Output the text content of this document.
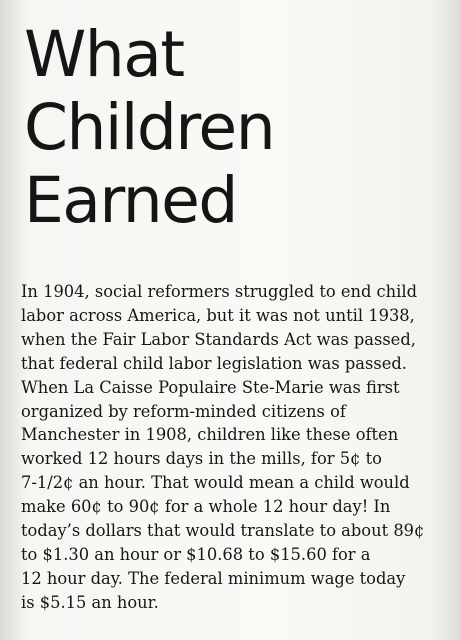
What
Children
Earned

In 1904, social reformers struggled to end child
labor across America, but it was not until 1938,
when the Fair Labor Standards Act was passed,
that federal child labor legislation was passed.
When La Caisse Populaire Ste-Marie was first
organized by reform-minded citizens of
Manchester in 1908, children like these often
worked 12 hours days in the mills, for 5¢ to
7-1/2¢ an hour. That would mean a child would
make 60¢ to 90¢ for a whole 12 hour day! In
today’s dollars that would translate to about 89¢
to $1.30 an hour or $10.68 to $15.60 for a
12 hour day. The federal minimum wage today
is $5.15 an hour.
